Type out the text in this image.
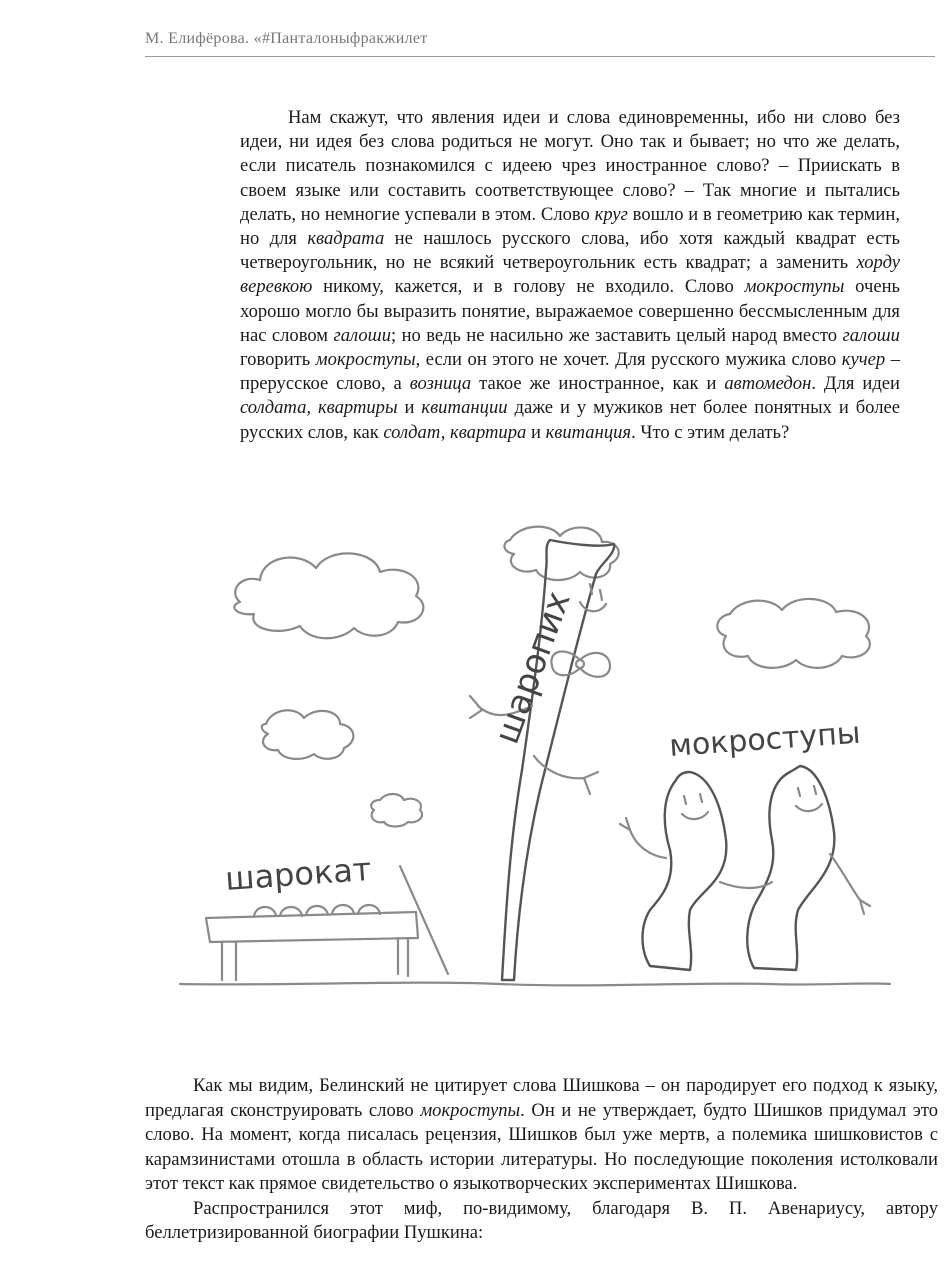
М. Елифёрова. «#Панталоныфракжилет
Нам скажут, что явления идеи и слова единовременны, ибо ни слово без идеи, ни идея без слова родиться не могут. Оно так и бывает; но что же делать, если писатель познакомился с идеею чрез иностранное слово? – Приискать в своем языке или составить соответствующее слово? – Так многие и пытались делать, но немногие успевали в этом. Слово круг вошло и в геометрию как термин, но для квадрата не нашлось русского слова, ибо хотя каждый квадрат есть четвероугольник, но не всякий четвероугольник есть квадрат; а заменить хорду веревкою никому, кажется, и в голову не входило. Слово мокроступы очень хорошо могло бы выразить понятие, выражаемое совершенно бессмысленным для нас словом галоши; но ведь не насильно же заставить целый народ вместо галоши говорить мокроступы, если он этого не хочет. Для русского мужика слово кучер – прерусское слово, а возница такое же иностранное, как и автомедон. Для идеи солдата, квартиры и квитанции даже и у мужиков нет более понятных и более русских слов, как солдат, квартира и квитанция. Что с этим делать?
шаропих	мокроступы
шарокат

Как мы видим, Белинский не цитирует слова Шишкова – он пародирует его подход к языку, предлагая сконструировать слово мокроступы. Он и не утверждает, будто Шишков придумал это слово. На момент, когда писалась рецензия, Шишков был уже мертв, а полемика шишковистов с карамзинистами отошла в область истории литературы. Но последующие поколения истолковали этот текст как прямое свидетельство о языкотворческих экспериментах Шишкова.

Распространился этот миф, по-видимому, благодаря В. П. Авенариусу, автору беллетризированной биографии Пушкина:
